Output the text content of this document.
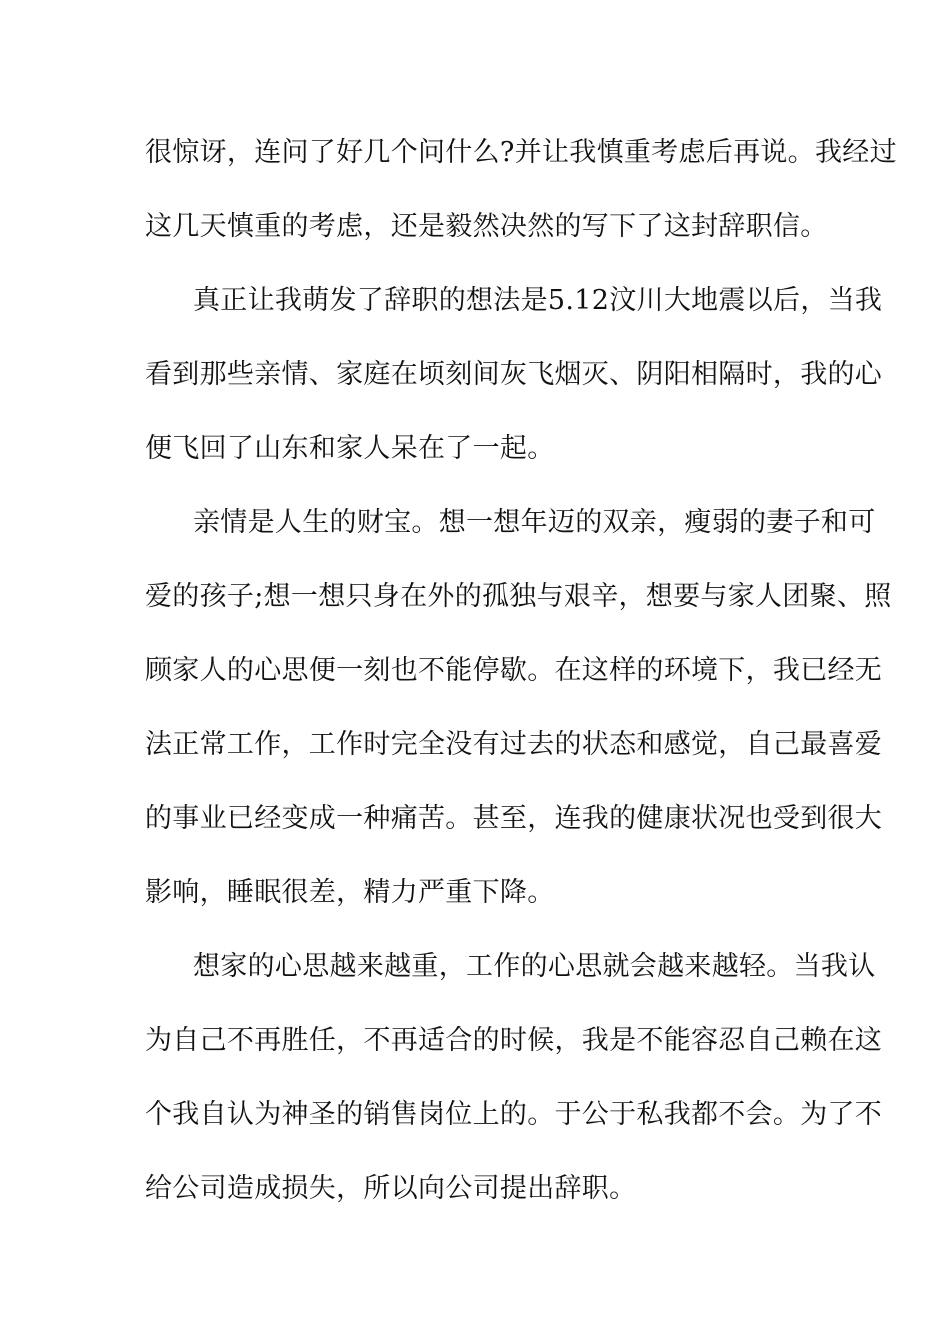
很惊讶，连问了好几个问什么?并让我慎重考虑后再说。我经过
这几天慎重的考虑，还是毅然决然的写下了这封辞职信。
真正让我萌发了辞职的想法是5.12汶川大地震以后，当我
看到那些亲情、家庭在顷刻间灰飞烟灭、阴阳相隔时，我的心
便飞回了山东和家人呆在了一起。
亲情是人生的财宝。想一想年迈的双亲，瘦弱的妻子和可
爱的孩子;想一想只身在外的孤独与艰辛，想要与家人团聚、照
顾家人的心思便一刻也不能停歇。在这样的环境下，我已经无
法正常工作，工作时完全没有过去的状态和感觉，自己最喜爱
的事业已经变成一种痛苦。甚至，连我的健康状况也受到很大
影响，睡眠很差，精力严重下降。
想家的心思越来越重，工作的心思就会越来越轻。当我认
为自己不再胜任，不再适合的时候，我是不能容忍自己赖在这
个我自认为神圣的销售岗位上的。于公于私我都不会。为了不
给公司造成损失，所以向公司提出辞职。
